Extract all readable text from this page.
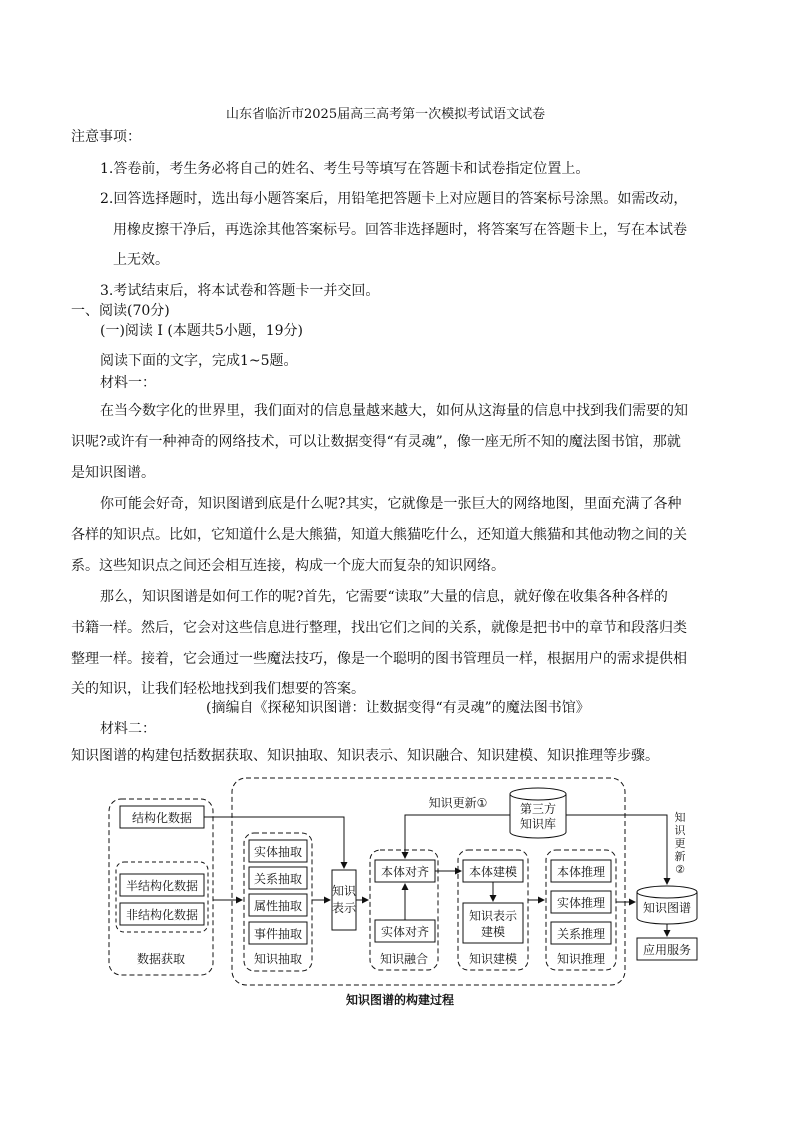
山东省临沂市2025届高三高考第一次模拟考试语文试卷
注意事项：
1.答卷前，考生务必将自己的姓名、考生号等填写在答题卡和试卷指定位置上。
2.回答选择题时，选出每小题答案后，用铅笔把答题卡上对应题目的答案标号涂黑。如需改动，
用橡皮擦干净后，再选涂其他答案标号。回答非选择题时，将答案写在答题卡上，写在本试卷
上无效。
3.考试结束后，将本试卷和答题卡一并交回。
一、阅读(70分)
(一)阅读 I (本题共5小题，19分)
阅读下面的文字，完成1~5题。
材料一：
在当今数字化的世界里，我们面对的信息量越来越大，如何从这海量的信息中找到我们需要的知
识呢?或许有一种神奇的网络技术，可以让数据变得“有灵魂”，像一座无所不知的魔法图书馆，那就
是知识图谱。
你可能会好奇，知识图谱到底是什么呢?其实，它就像是一张巨大的网络地图，里面充满了各种
各样的知识点。比如，它知道什么是大熊猫，知道大熊猫吃什么，还知道大熊猫和其他动物之间的关
系。这些知识点之间还会相互连接，构成一个庞大而复杂的知识网络。
那么，知识图谱是如何工作的呢?首先，它需要“读取”大量的信息，就好像在收集各种各样的
书籍一样。然后，它会对这些信息进行整理，找出它们之间的关系，就像是把书中的章节和段落归类
整理一样。接着，它会通过一些魔法技巧，像是一个聪明的图书管理员一样，根据用户的需求提供相
关的知识，让我们轻松地找到我们想要的答案。
(摘编自《探秘知识图谱：让数据变得“有灵魂”的魔法图书馆》
材料二：
知识图谱的构建包括数据获取、知识抽取、知识表示、知识融合、知识建模、知识推理等步骤。
结构化数据
半结构化数据
非结构化数据
数据获取
实体抽取
关系抽取
属性抽取
事件抽取
知识抽取
知识
表示
本体对齐
实体对齐
知识融合
本体建模
知识表示
建模
知识建模
本体推理
实体推理
关系推理
知识推理
第三方
知识库
知识更新①
知
识
更
新
②
知识图谱
应用服务
知识图谱的构建过程
